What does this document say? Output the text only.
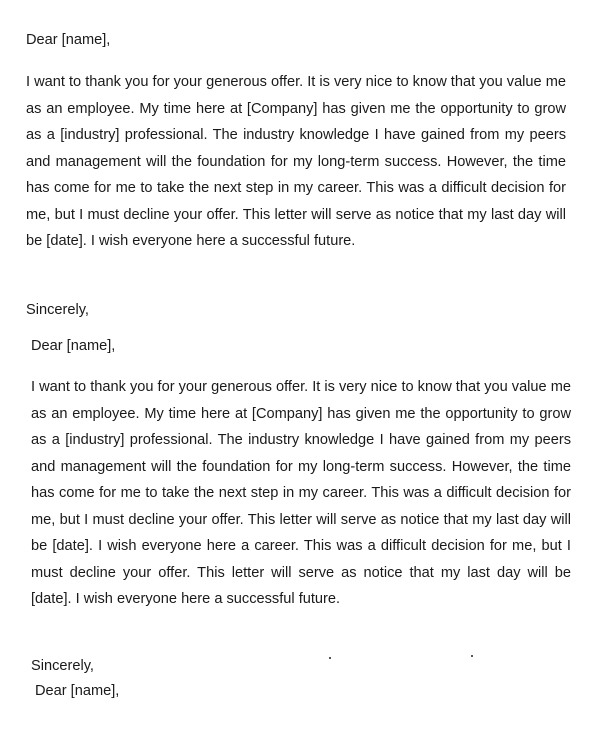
Dear [name],

I want to thank you for your generous offer. It is very nice to know that you value me as an employee. My time here at [Company] has given me the opportunity to grow as a [industry] professional. The industry knowledge I have gained from my peers and management will the foundation for my long-term success. However, the time has come for me to take the next step in my career. This was a difficult decision for me, but I must decline your offer. This letter will serve as notice that my last day will be [date]. I wish everyone here a successful future.

Sincerely,

Dear [name],

I want to thank you for your generous offer. It is very nice to know that you value me as an employee. My time here at [Company] has given me the opportunity to grow as a [industry] professional. The industry knowledge I have gained from my peers and management will the foundation for my long-term success. However, the time has come for me to take the next step in my career. This was a difficult decision for me, but I must decline your offer. This letter will serve as notice that my last day will be [date]. I wish everyone here a career. This was a difficult decision for me, but I must decline your offer. This letter will serve as notice that my last day will be [date]. I wish everyone here a successful future.

Sincerely,

Dear [name],
